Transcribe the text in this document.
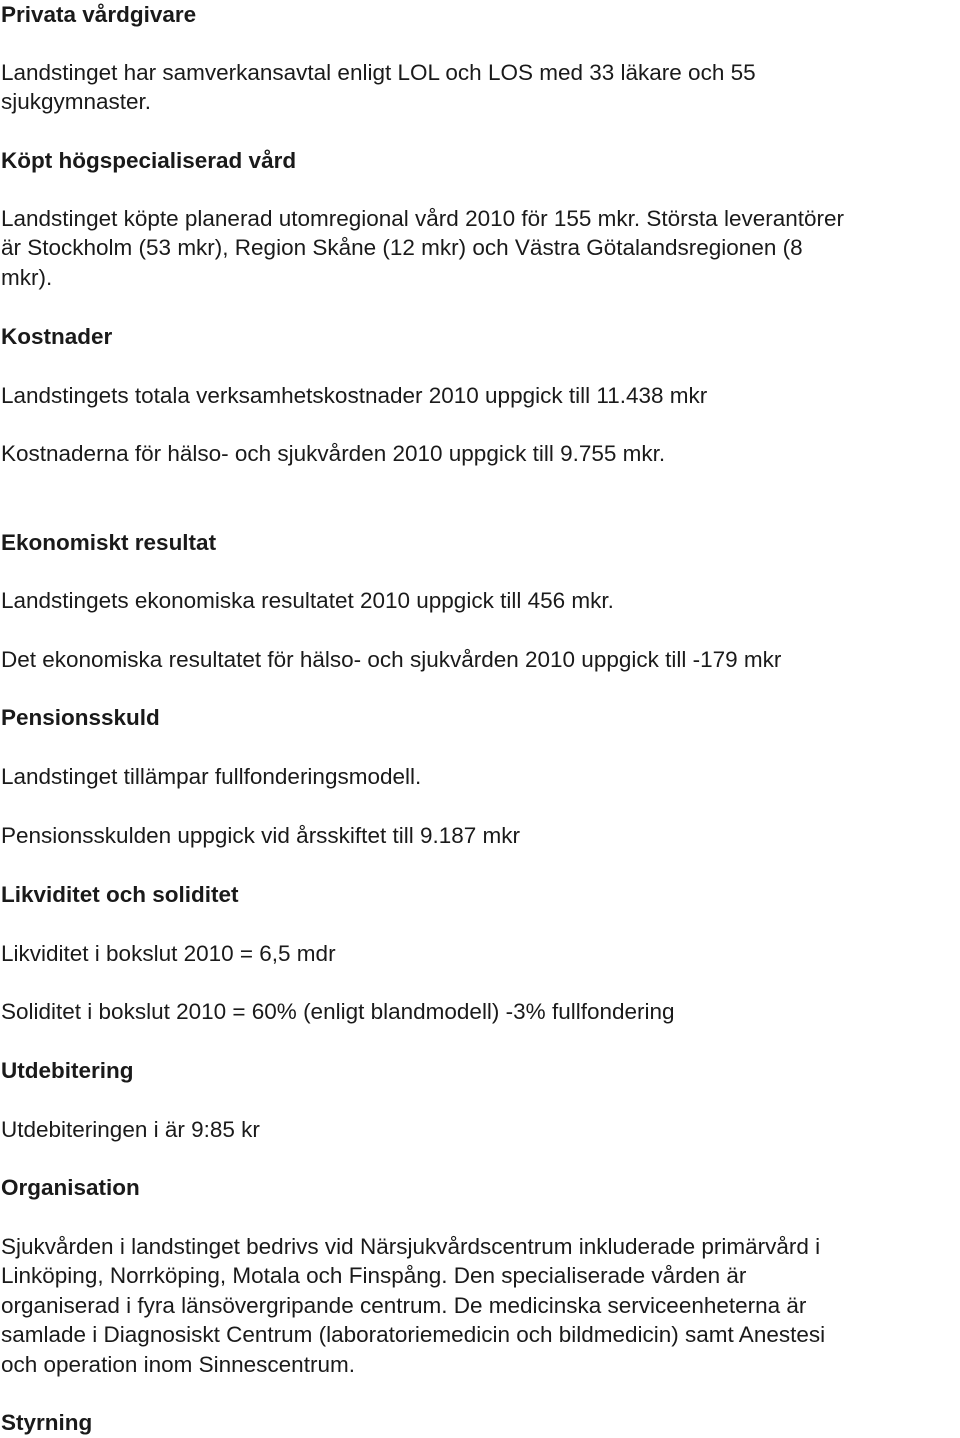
Privata vårdgivare
Landstinget har samverkansavtal enligt LOL och LOS med 33 läkare och 55
sjukgymnaster.
Köpt högspecialiserad vård
Landstinget köpte planerad utomregional vård 2010 för 155 mkr. Största leverantörer
är Stockholm (53 mkr), Region Skåne (12 mkr) och Västra Götalandsregionen (8
mkr).
Kostnader
Landstingets totala verksamhetskostnader 2010 uppgick till 11.438 mkr
Kostnaderna för hälso- och sjukvården 2010 uppgick till 9.755 mkr.
Ekonomiskt resultat
Landstingets ekonomiska resultatet 2010 uppgick till 456 mkr.
Det ekonomiska resultatet för hälso- och sjukvården 2010 uppgick till -179 mkr
Pensionsskuld
Landstinget tillämpar fullfonderingsmodell.
Pensionsskulden uppgick vid årsskiftet till 9.187 mkr
Likviditet och soliditet
Likviditet i bokslut 2010 = 6,5 mdr
Soliditet i bokslut 2010 = 60% (enligt blandmodell) -3% fullfondering
Utdebitering
Utdebiteringen i är 9:85 kr
Organisation
Sjukvården i landstinget bedrivs vid Närsjukvårdscentrum inkluderade primärvård i
Linköping, Norrköping, Motala och Finspång. Den specialiserade vården är
organiserad i fyra länsövergripande centrum. De medicinska serviceenheterna är
samlade i Diagnosiskt Centrum (laboratoriemedicin och bildmedicin) samt Anestesi
och operation inom Sinnescentrum.
Styrning
